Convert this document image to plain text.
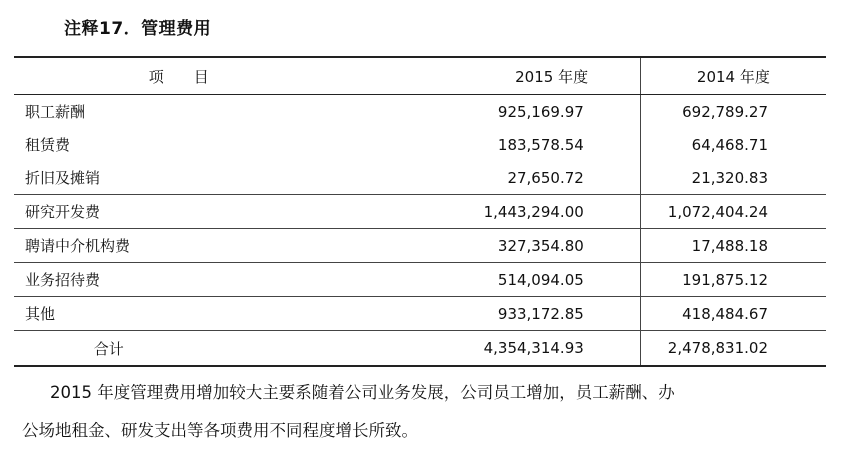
注释17．管理费用
项　　目	2015 年度	2014 年度
职工薪酬	925,169.97	692,789.27
租赁费	183,578.54	64,468.71
折旧及摊销	27,650.72	21,320.83
研究开发费	1,443,294.00	1,072,404.24
聘请中介机构费	327,354.80	17,488.18
业务招待费	514,094.05	191,875.12
其他	933,172.85	418,484.67
合计	4,354,314.93	2,478,831.02

2015 年度管理费用增加较大主要系随着公司业务发展，公司员工增加，员工薪酬、办

公场地租金、研发支出等各项费用不同程度增长所致。
